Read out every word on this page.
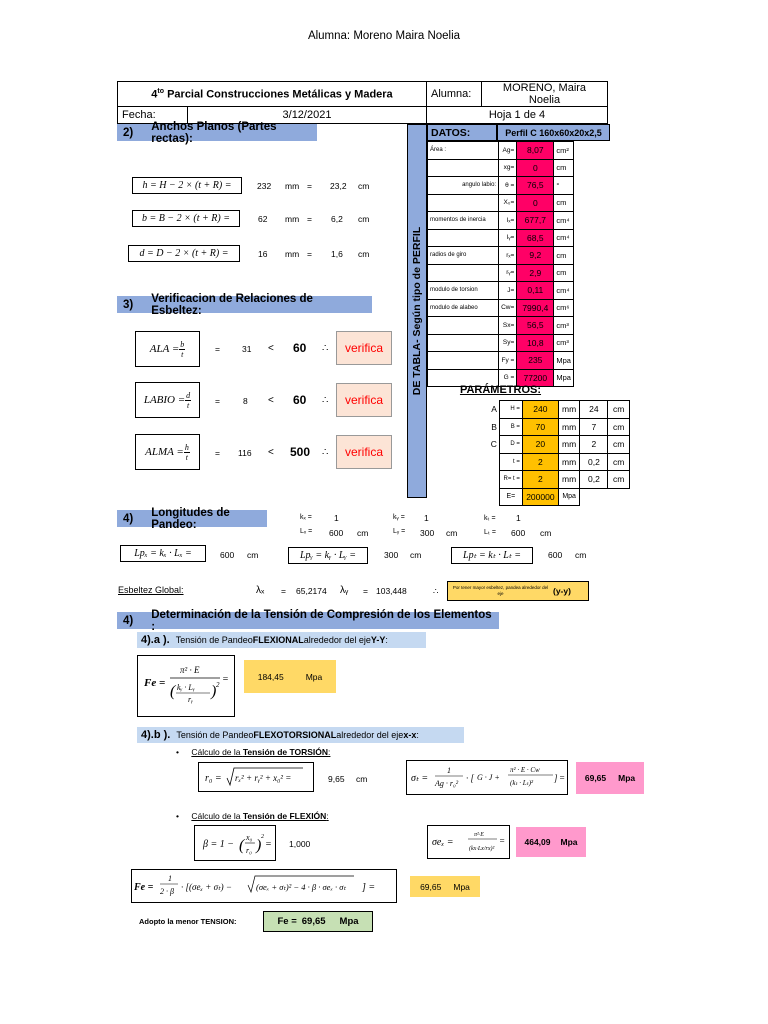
Alumna: Moreno Maira Noelia
$4^{to}$ Parcial Construcciones Metálicas y Madera		Alumna:	MORENO, Maira Noelia
Fecha:	3/12/2021	Hoja 1 de 4	
2) Anchos Planos (Partes rectas):
h = H − 2 × (t + R) =	232 mm = 23,2 cm
b = B − 2 × (t + R) =	62 mm = 6,2 cm
d = D − 2 × (t + R) =	16 mm = 1,6 cm
3) Verificacion de Relaciones de Esbeltez:
ALA = $\frac{b}{t}$	=	31 < 60 ∴	verifica
LABIO = $\frac{d}{t}$	=	8 < 60 ∴	verifica
ALMA = $\frac{h}{t}$	= 116 < 500 ∴	verifica
DE TABLA- Según tipo de PERFIL
DATOS:	Perfil C 160x60x20x2,5
Área :	Ag=	8,07	cm²
	xg=	0	cm
angulo labio:	θ =	76,5	°
	X₀=	0	cm
momentos de inercia	Iₓ=	677,7	cm⁴
	Iᵧ=	68,5	cm⁴
radios de giro	rₓ=	9,2	cm
	rᵧ=	2,9	cm
modulo de torsion	J=	0,11	cm⁴
modulo de alabeo	Cw=	7990,4	cm⁶
	Sx=	56,5	cm³
	Sy=	10,8	cm³
	Fy =	235	Mpa
	G =	77200	Mpa
PARÁMETROS:
A	H =	240	mm	24	cm
B	B =	70	mm	7	cm
C	D =	20	mm	2	cm
	t =	2	mm	0,2	cm
	R= t =	2	mm	0,2	cm
	E=	200000	Mpa		
4) Longitudes de Pandeo:
kₓ =	1
Lₓ = 600 cm
kᵧ = 1
Lᵧ = 300 cm
kₜ = 1
Lₜ = 600 cm
Lpₓ = kₓ · Lₓ =	600 cm	Lpᵧ = kᵧ · Lᵧ =	300 cm	Lpₜ = kₜ · Lₜ =	600 cm
Esbeltez Global:	λₓ = 65,2174 λᵧ = 103,448	∴	Por tener mayor esbeltez, pandea alrededor del eje	(y-y)
4) Determinación de la Tensión de Compresión de los Elementos :
4).a ). Tensión de Pandeo FLEXIONAL alrededor del eje Y-Y :
Fe =
π² · E
( kᵧ · Lᵧ
rᵧ ) 2 =	184,45	Mpa
4).b ). Tensión de Pandeo FLEXOTORSIONAL alrededor del eje x-x :
• Cálculo de la Tensión de TORSIÓN:
r₀ = rₓ² + rᵧ² + x₀² =	9,65 cm	σₜ =
1
Ag · r₀²
· [ G · J +
π² · E · Cw
(kₜ · Lₜ)² ] = 69,65 Mpa
• Cálculo de la Tensión de FLEXIÓN:
β = 1 − ( x₀
r₀ ) 2
= 1,000	σeₓ =
π²·E
(kx·Lx/rx)²
= 464,09 Mpa
Fe =
1
2 · β · [(σeₓ + σₜ) −	(σeₓ + σₜ)² − 4 · β · σeₓ · σₜ ] =	69,65 Mpa
Adopto la menor TENSION:	Fe = 69,65 Mpa
